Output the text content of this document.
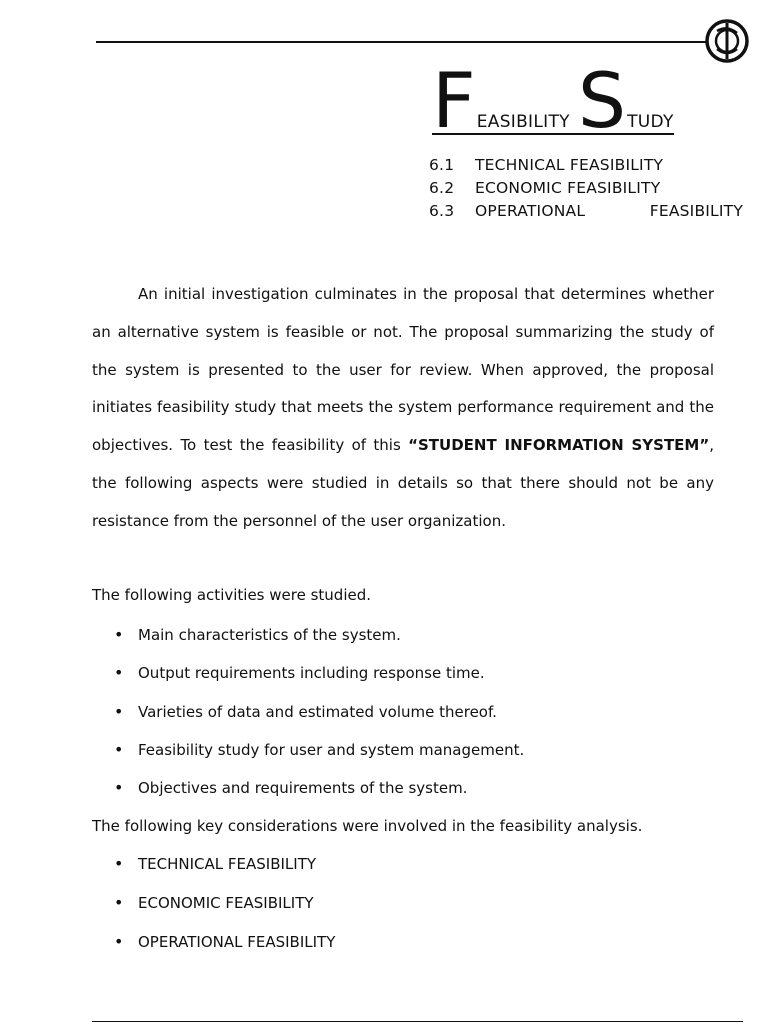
FEASIBILITY STUDY
6.1	TECHNICAL FEASIBILITY
6.2	ECONOMIC FEASIBILITY
6.3	OPERATIONAL	FEASIBILITY

An initial investigation culminates in the proposal that determines whether an alternative system is feasible or not. The proposal summarizing the study of the system is presented to the user for review. When approved, the proposal initiates feasibility study that meets the system performance requirement and the objectives. To test the feasibility of this “STUDENT INFORMATION SYSTEM”, the following aspects were studied in details so that there should not be any resistance from the personnel of the user organization.

The following activities were studied.
• Main characteristics of the system.
• Output requirements including response time.
• Varieties of data and estimated volume thereof.
• Feasibility study for user and system management.
• Objectives and requirements of the system.
The following key considerations were involved in the feasibility analysis.
• TECHNICAL FEASIBILITY
• ECONOMIC FEASIBILITY
• OPERATIONAL FEASIBILITY
